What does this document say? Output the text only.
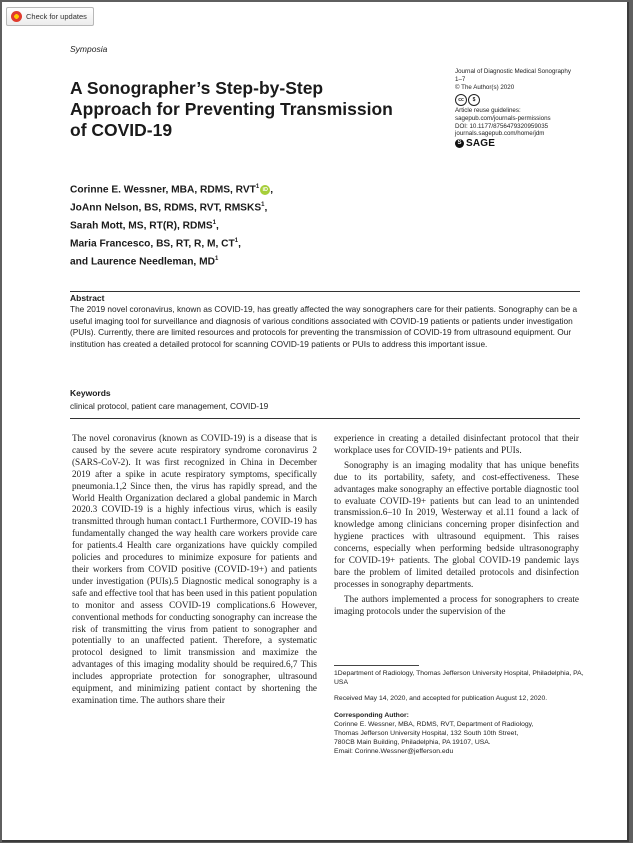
Check for updates
Symposia
A Sonographer’s Step-by-Step Approach for Preventing Transmission of COVID-19
Journal of Diagnostic Medical Sonography
1–7
© The Author(s) 2020
cc	$
Article reuse guidelines:
sagepub.com/journals-permissions
DOI: 10.1177/8756479320959035
journals.sagepub.com/home/jdm
S SAGE
Corinne E. Wessner, MBA, RDMS, RVT$^1$iD ,
JoAnn Nelson, BS, RDMS, RVT, RMSKS$^1$,
Sarah Mott, MS, RT(R), RDMS$^1$,
Maria Francesco, BS, RT, R, M, $CT^1$,
and Laurence Needleman, $MD^1$
Abstract

The 2019 novel coronavirus, known as COVID-19, has greatly affected the way sonographers care for their patients. Sonography can be a useful imaging tool for surveillance and diagnosis of various conditions associated with COVID-19 patients or patients under investigation (PUIs). Currently, there are limited resources and protocols for preventing the transmission of COVID-19 from ultrasound equipment. Our institution has created a detailed protocol for scanning COVID-19 patients or PUIs to address this important issue.

Keywords
clinical protocol, patient care management, COVID-19

The novel coronavirus (known as COVID-19) is a disease that is caused by the severe acute respiratory syndrome coronavirus 2 (SARS-CoV-2). It was first recognized in China in December 2019 after a spike in acute respiratory symptoms, specifically pneumonia.1,2 Since then, the virus has rapidly spread, and the World Health Organization declared a global pandemic in March 2020.3 COVID-19 is a highly infectious virus, which is easily transmitted through human contact.1 Furthermore, COVID-19 has fundamentally changed the way health care workers provide care for patients.4 Health care organizations have quickly compiled policies and procedures to minimize exposure for patients and their workers from COVID positive (COVID-19+) and patients under investigation (PUIs).5 Diagnostic medical sonography is a safe and effective tool that has been used in this patient population to monitor and assess COVID-19 complications.6 However, conventional methods for conducting sonography can increase the risk of transmitting the virus from patient to sonographer and potentially to an unaffected patient. Therefore, a systematic protocol designed to limit transmission and maximize the advantages of this imaging modality should be required.6,7 This includes appropriate protection for sonographer, ultrasound equipment, and minimizing patient contact by shortening the examination time. The authors share their

experience in creating a detailed disinfectant protocol that their workplace uses for COVID-19+ patients and PUIs.

Sonography is an imaging modality that has unique benefits due to its portability, safety, and cost-effectiveness. These advantages make sonography an effective portable diagnostic tool to evaluate COVID-19+ patients but can lead to an unintended transmission.6–10 In 2019, Westerway et al.11 found a lack of knowledge among clinicians concerning proper disinfection and hygiene practices with ultrasound equipment. This raises concerns, especially when performing bedside ultrasonography for COVID-19+ patients. The global COVID-19 pandemic lays bare the problem of limited detailed protocols and disinfection processes in sonography departments.

The authors implemented a process for sonographers to create imaging protocols under the supervision of the

1Department of Radiology, Thomas Jefferson University Hospital, Philadelphia, PA, USA

Received May 14, 2020, and accepted for publication August 12, 2020.

Corresponding Author:

Corinne E. Wessner, MBA, RDMS, RVT, Department of Radiology,
Thomas Jefferson University Hospital, 132 South 10th Street,
780CB Main Building, Philadelphia, PA 19107, USA.
Email: Corinne.Wessner@jefferson.edu
